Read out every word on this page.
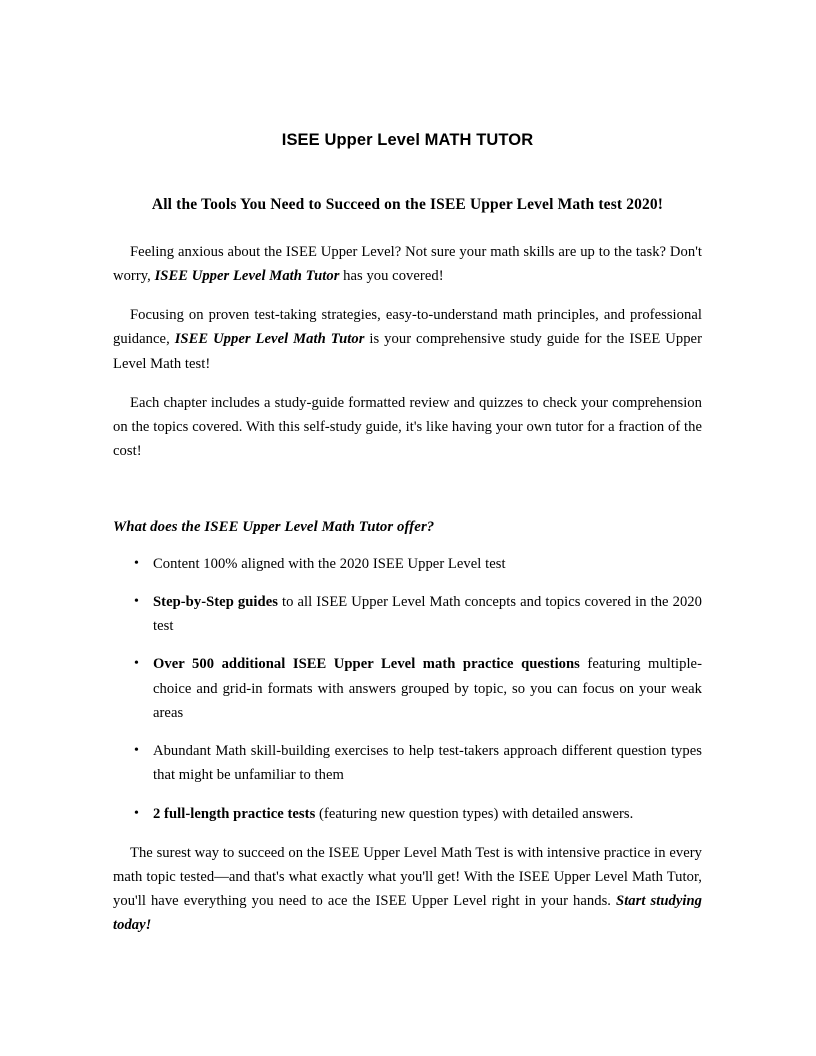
ISEE Upper Level MATH TUTOR
All the Tools You Need to Succeed on the ISEE Upper Level Math test 2020!

Feeling anxious about the ISEE Upper Level? Not sure your math skills are up to the task? Don't worry, ISEE Upper Level Math Tutor has you covered!

Focusing on proven test-taking strategies, easy-to-understand math principles, and professional guidance, ISEE Upper Level Math Tutor is your comprehensive study guide for the ISEE Upper Level Math test!

Each chapter includes a study-guide formatted review and quizzes to check your comprehension on the topics covered. With this self-study guide, it's like having your own tutor for a fraction of the cost!

What does the ISEE Upper Level Math Tutor offer?
• Content 100% aligned with the 2020 ISEE Upper Level test
• Step-by-Step guides to all ISEE Upper Level Math concepts and topics covered in the 2020 test
• Over 500 additional ISEE Upper Level math practice questions featuring multiple-choice and grid-in formats with answers grouped by topic, so you can focus on your weak areas
• Abundant Math skill-building exercises to help test-takers approach different question types that might be unfamiliar to them
• 2 full-length practice tests (featuring new question types) with detailed answers.

The surest way to succeed on the ISEE Upper Level Math Test is with intensive practice in every math topic tested—and that's what exactly what you'll get! With the ISEE Upper Level Math Tutor, you'll have everything you need to ace the ISEE Upper Level right in your hands. Start studying today!
